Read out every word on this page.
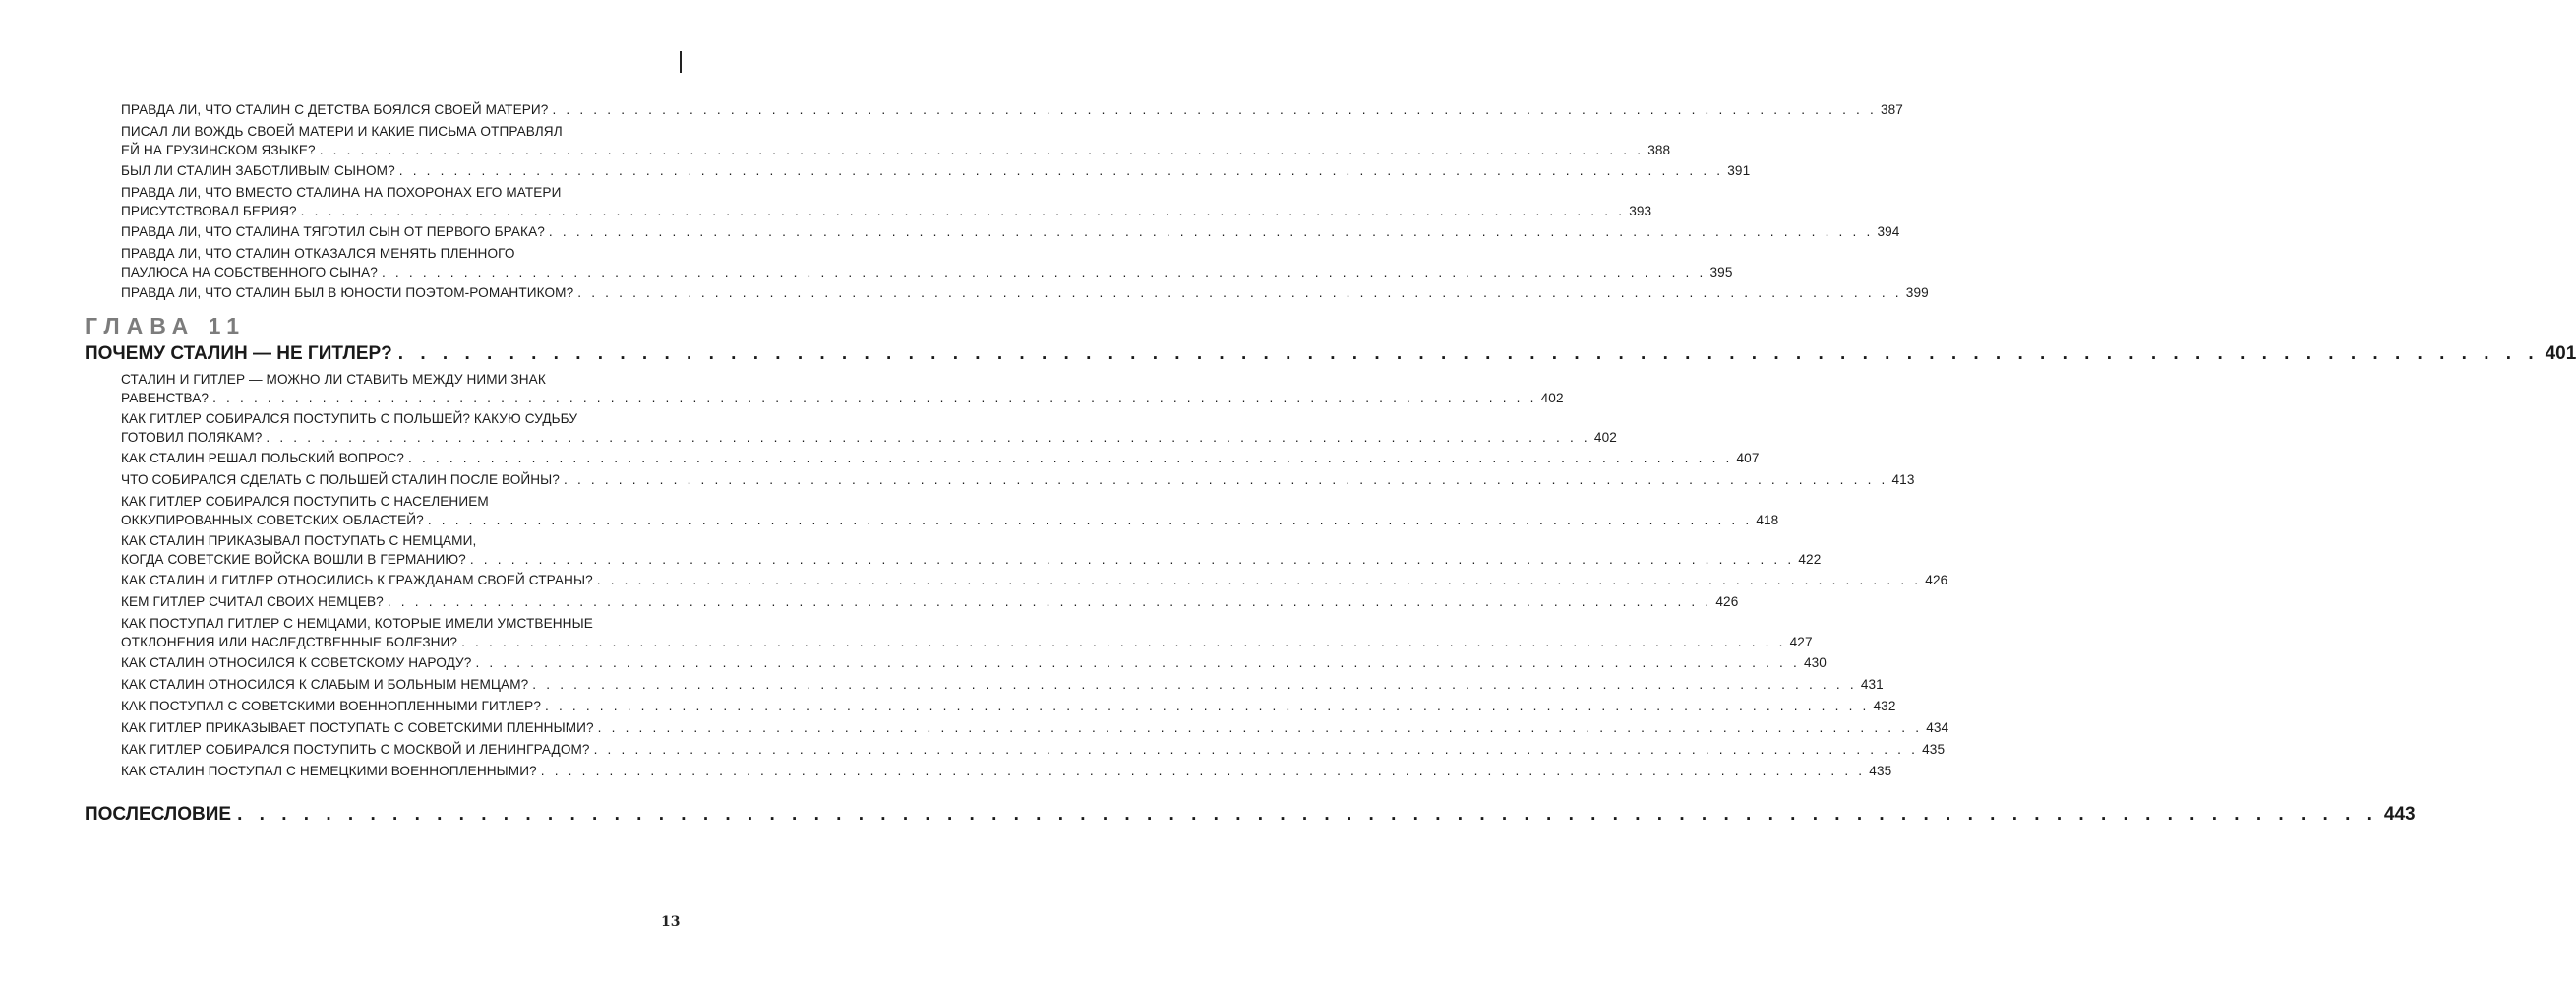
ГЛАВА 11
ПОЧЕМУ СТАЛИН — НЕ ГИТЛЕР? . . . . . . . . . . . . . . . . . . . . . . . . . . . . . . . . . . . . . . . . . . . . . . . . . . . . . . . . . . . . . . . . . . . . . . . . . . . . . . . . . . . . . . . . . . . . . . . . . 401
ПОСЛЕСЛОВИЕ . . . . . . . . . . . . . . . . . . . . . . . . . . . . . . . . . . . . . . . . . . . . . . . . . . . . . . . . . . . . . . . . . . . . . . . . . . . . . . . . . . . . . . . . . . . . . . . . . 443
ПРАВДА ЛИ, ЧТО СТАЛИН С ДЕТСТВА БОЯЛСЯ СВОЕЙ МАТЕРИ? . . . . . . . . . . . . . . . . . . . . . . . . . . . . . . . . . . . . . . . . . . . . . . . . . . . . . . . . . . . . . . . . . . . . . . . . . . . . . . . . . . . . . . . . . . . . . . . . . 387
ПИСАЛ ЛИ ВОЖДЬ СВОЕЙ МАТЕРИ И КАКИЕ ПИСЬМА ОТПРАВЛЯЛ
ЕЙ НА ГРУЗИНСКОМ ЯЗЫКЕ? . . . . . . . . . . . . . . . . . . . . . . . . . . . . . . . . . . . . . . . . . . . . . . . . . . . . . . . . . . . . . . . . . . . . . . . . . . . . . . . . . . . . . . . . . . . . . . . . . 388
БЫЛ ЛИ СТАЛИН ЗАБОТЛИВЫМ СЫНОМ? . . . . . . . . . . . . . . . . . . . . . . . . . . . . . . . . . . . . . . . . . . . . . . . . . . . . . . . . . . . . . . . . . . . . . . . . . . . . . . . . . . . . . . . . . . . . . . . . . 391
ПРАВДА ЛИ, ЧТО ВМЕСТО СТАЛИНА НА ПОХОРОНАХ ЕГО МАТЕРИ
ПРИСУТСТВОВАЛ БЕРИЯ? . . . . . . . . . . . . . . . . . . . . . . . . . . . . . . . . . . . . . . . . . . . . . . . . . . . . . . . . . . . . . . . . . . . . . . . . . . . . . . . . . . . . . . . . . . . . . . . . . 393
ПРАВДА ЛИ, ЧТО СТАЛИНА ТЯГОТИЛ СЫН ОТ ПЕРВОГО БРАКА? . . . . . . . . . . . . . . . . . . . . . . . . . . . . . . . . . . . . . . . . . . . . . . . . . . . . . . . . . . . . . . . . . . . . . . . . . . . . . . . . . . . . . . . . . . . . . . . . . 394
ПРАВДА ЛИ, ЧТО СТАЛИН ОТКАЗАЛСЯ МЕНЯТЬ ПЛЕННОГО
ПАУЛЮСА НА СОБСТВЕННОГО СЫНА? . . . . . . . . . . . . . . . . . . . . . . . . . . . . . . . . . . . . . . . . . . . . . . . . . . . . . . . . . . . . . . . . . . . . . . . . . . . . . . . . . . . . . . . . . . . . . . . . . 395
ПРАВДА ЛИ, ЧТО СТАЛИН БЫЛ В ЮНОСТИ ПОЭТОМ-РОМАНТИКОМ? . . . . . . . . . . . . . . . . . . . . . . . . . . . . . . . . . . . . . . . . . . . . . . . . . . . . . . . . . . . . . . . . . . . . . . . . . . . . . . . . . . . . . . . . . . . . . . . . . 399
СТАЛИН И ГИТЛЕР — МОЖНО ЛИ СТАВИТЬ МЕЖДУ НИМИ ЗНАК
РАВЕНСТВА? . . . . . . . . . . . . . . . . . . . . . . . . . . . . . . . . . . . . . . . . . . . . . . . . . . . . . . . . . . . . . . . . . . . . . . . . . . . . . . . . . . . . . . . . . . . . . . . . . 402
КАК ГИТЛЕР СОБИРАЛСЯ ПОСТУПИТЬ С ПОЛЬШЕЙ? КАКУЮ СУДЬБУ
ГОТОВИЛ ПОЛЯКАМ? . . . . . . . . . . . . . . . . . . . . . . . . . . . . . . . . . . . . . . . . . . . . . . . . . . . . . . . . . . . . . . . . . . . . . . . . . . . . . . . . . . . . . . . . . . . . . . . . . 402
КАК СТАЛИН РЕШАЛ ПОЛЬСКИЙ ВОПРОС? . . . . . . . . . . . . . . . . . . . . . . . . . . . . . . . . . . . . . . . . . . . . . . . . . . . . . . . . . . . . . . . . . . . . . . . . . . . . . . . . . . . . . . . . . . . . . . . . . 407
ЧТО СОБИРАЛСЯ СДЕЛАТЬ С ПОЛЬШЕЙ СТАЛИН ПОСЛЕ ВОЙНЫ? . . . . . . . . . . . . . . . . . . . . . . . . . . . . . . . . . . . . . . . . . . . . . . . . . . . . . . . . . . . . . . . . . . . . . . . . . . . . . . . . . . . . . . . . . . . . . . . . . 413
КАК ГИТЛЕР СОБИРАЛСЯ ПОСТУПИТЬ С НАСЕЛЕНИЕМ
ОККУПИРОВАННЫХ СОВЕТСКИХ ОБЛАСТЕЙ? . . . . . . . . . . . . . . . . . . . . . . . . . . . . . . . . . . . . . . . . . . . . . . . . . . . . . . . . . . . . . . . . . . . . . . . . . . . . . . . . . . . . . . . . . . . . . . . . . 418
КАК СТАЛИН ПРИКАЗЫВАЛ ПОСТУПАТЬ С НЕМЦАМИ,
КОГДА СОВЕТСКИЕ ВОЙСКА ВОШЛИ В ГЕРМАНИЮ? . . . . . . . . . . . . . . . . . . . . . . . . . . . . . . . . . . . . . . . . . . . . . . . . . . . . . . . . . . . . . . . . . . . . . . . . . . . . . . . . . . . . . . . . . . . . . . . . . 422
КАК СТАЛИН И ГИТЛЕР ОТНОСИЛИСЬ К ГРАЖДАНАМ СВОЕЙ СТРАНЫ? . . . . . . . . . . . . . . . . . . . . . . . . . . . . . . . . . . . . . . . . . . . . . . . . . . . . . . . . . . . . . . . . . . . . . . . . . . . . . . . . . . . . . . . . . . . . . . . . . 426
КЕМ ГИТЛЕР СЧИТАЛ СВОИХ НЕМЦЕВ? . . . . . . . . . . . . . . . . . . . . . . . . . . . . . . . . . . . . . . . . . . . . . . . . . . . . . . . . . . . . . . . . . . . . . . . . . . . . . . . . . . . . . . . . . . . . . . . . . 426
КАК ПОСТУПАЛ ГИТЛЕР С НЕМЦАМИ, КОТОРЫЕ ИМЕЛИ УМСТВЕННЫЕ
ОТКЛОНЕНИЯ ИЛИ НАСЛЕДСТВЕННЫЕ БОЛЕЗНИ? . . . . . . . . . . . . . . . . . . . . . . . . . . . . . . . . . . . . . . . . . . . . . . . . . . . . . . . . . . . . . . . . . . . . . . . . . . . . . . . . . . . . . . . . . . . . . . . . . 427
КАК СТАЛИН ОТНОСИЛСЯ К СОВЕТСКОМУ НАРОДУ? . . . . . . . . . . . . . . . . . . . . . . . . . . . . . . . . . . . . . . . . . . . . . . . . . . . . . . . . . . . . . . . . . . . . . . . . . . . . . . . . . . . . . . . . . . . . . . . . . 430
КАК СТАЛИН ОТНОСИЛСЯ К СЛАБЫМ И БОЛЬНЫМ НЕМЦАМ? . . . . . . . . . . . . . . . . . . . . . . . . . . . . . . . . . . . . . . . . . . . . . . . . . . . . . . . . . . . . . . . . . . . . . . . . . . . . . . . . . . . . . . . . . . . . . . . . . 431
КАК ПОСТУПАЛ С СОВЕТСКИМИ ВОЕННОПЛЕННЫМИ ГИТЛЕР? . . . . . . . . . . . . . . . . . . . . . . . . . . . . . . . . . . . . . . . . . . . . . . . . . . . . . . . . . . . . . . . . . . . . . . . . . . . . . . . . . . . . . . . . . . . . . . . . . 432
КАК ГИТЛЕР ПРИКАЗЫВАЕТ ПОСТУПАТЬ С СОВЕТСКИМИ ПЛЕННЫМИ? . . . . . . . . . . . . . . . . . . . . . . . . . . . . . . . . . . . . . . . . . . . . . . . . . . . . . . . . . . . . . . . . . . . . . . . . . . . . . . . . . . . . . . . . . . . . . . . . . 434
КАК ГИТЛЕР СОБИРАЛСЯ ПОСТУПИТЬ С МОСКВОЙ И ЛЕНИНГРАДОМ? . . . . . . . . . . . . . . . . . . . . . . . . . . . . . . . . . . . . . . . . . . . . . . . . . . . . . . . . . . . . . . . . . . . . . . . . . . . . . . . . . . . . . . . . . . . . . . . . . 435
КАК СТАЛИН ПОСТУПАЛ С НЕМЕЦКИМИ ВОЕННОПЛЕННЫМИ? . . . . . . . . . . . . . . . . . . . . . . . . . . . . . . . . . . . . . . . . . . . . . . . . . . . . . . . . . . . . . . . . . . . . . . . . . . . . . . . . . . . . . . . . . . . . . . . . . 435
13
